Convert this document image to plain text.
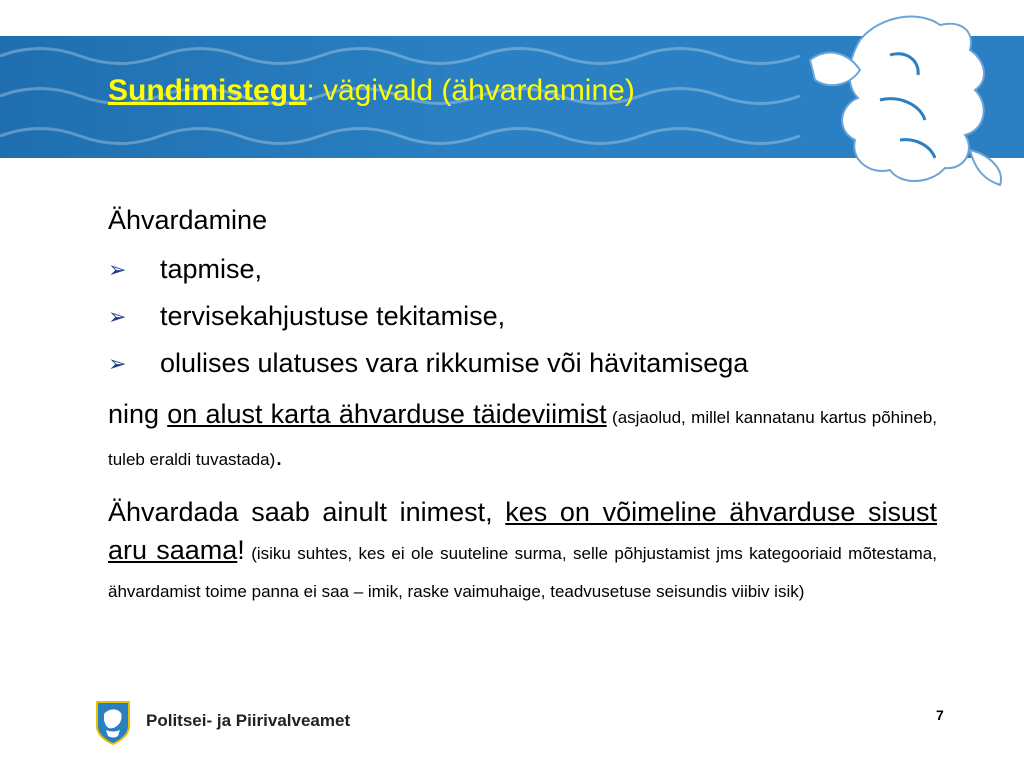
Sundimistegu: vägivald (ähvardamine)
Ähvardamine
➢	tapmise,
➢	tervisekahjustuse tekitamise,
➢	olulises ulatuses vara rikkumise või hävitamisega

ning on alust karta ähvarduse täideviimist (asjaolud, millel kannatanu kartus põhineb, tuleb eraldi tuvastada).

Ähvardada saab ainult inimest, kes on võimeline ähvarduse sisust aru saama! (isiku suhtes, kes ei ole suuteline surma, selle põhjustamist jms kategooriaid mõtestama, ähvardamist toime panna ei saa – imik, raske vaimuhaige, teadvusetuse seisundis viibiv isik)

Politsei- ja Piirivalveamet	7
